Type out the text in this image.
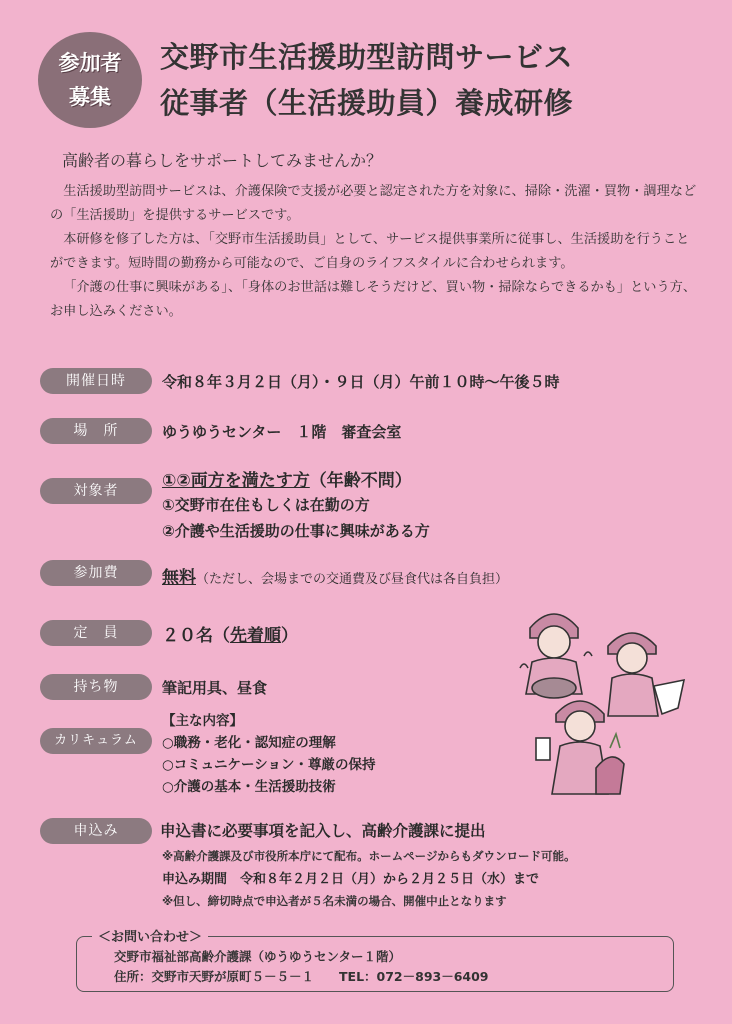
参加者
募集
交野市生活援助型訪問サービス
従事者（生活援助員）養成研修
高齢者の暮らしをサポートしてみませんか？

生活援助型訪問サービスは、介護保険で支援が必要と認定された方を対象に、掃除・洗濯・買物・調理などの「生活援助」を提供するサービスです。

本研修を修了した方は、「交野市生活援助員」として、サービス提供事業所に従事し、生活援助を行うことができます。短時間の勤務から可能なので、ご自身のライフスタイルに合わせられます。

「介護の仕事に興味がある」、「身体のお世話は難しそうだけど、買い物・掃除ならできるかも」という方、お申し込みください。

開催日時	令和８年３月２日（月）・９日（月）午前１０時～午後５時
場　所	ゆうゆうセンター　１階　審査会室
対象者	①②両方を満たす方（年齢不問）
①交野市在住もしくは在勤の方
②介護や生活援助の仕事に興味がある方
参加費	無料（ただし、会場までの交通費及び昼食代は各自負担）
定　員	２０名（先着順）
持ち物	筆記用具、昼食
カリキュラム
【主な内容】
○職務・老化・認知症の理解
○コミュニケーション・尊厳の保持
○介護の基本・生活援助技術
申込み	申込書に必要事項を記入し、高齢介護課に提出
※高齢介護課及び市役所本庁にて配布。ホームページからもダウンロード可能。
申込み期間　令和８年２月２日（月）から２月２５日（水）まで
※但し、締切時点で申込者が５名未満の場合、開催中止となります
＜お問い合わせ＞
交野市福祉部高齢介護課（ゆうゆうセンター１階）
住所：交野市天野が原町５－５－１　　TEL：072－893－6409
